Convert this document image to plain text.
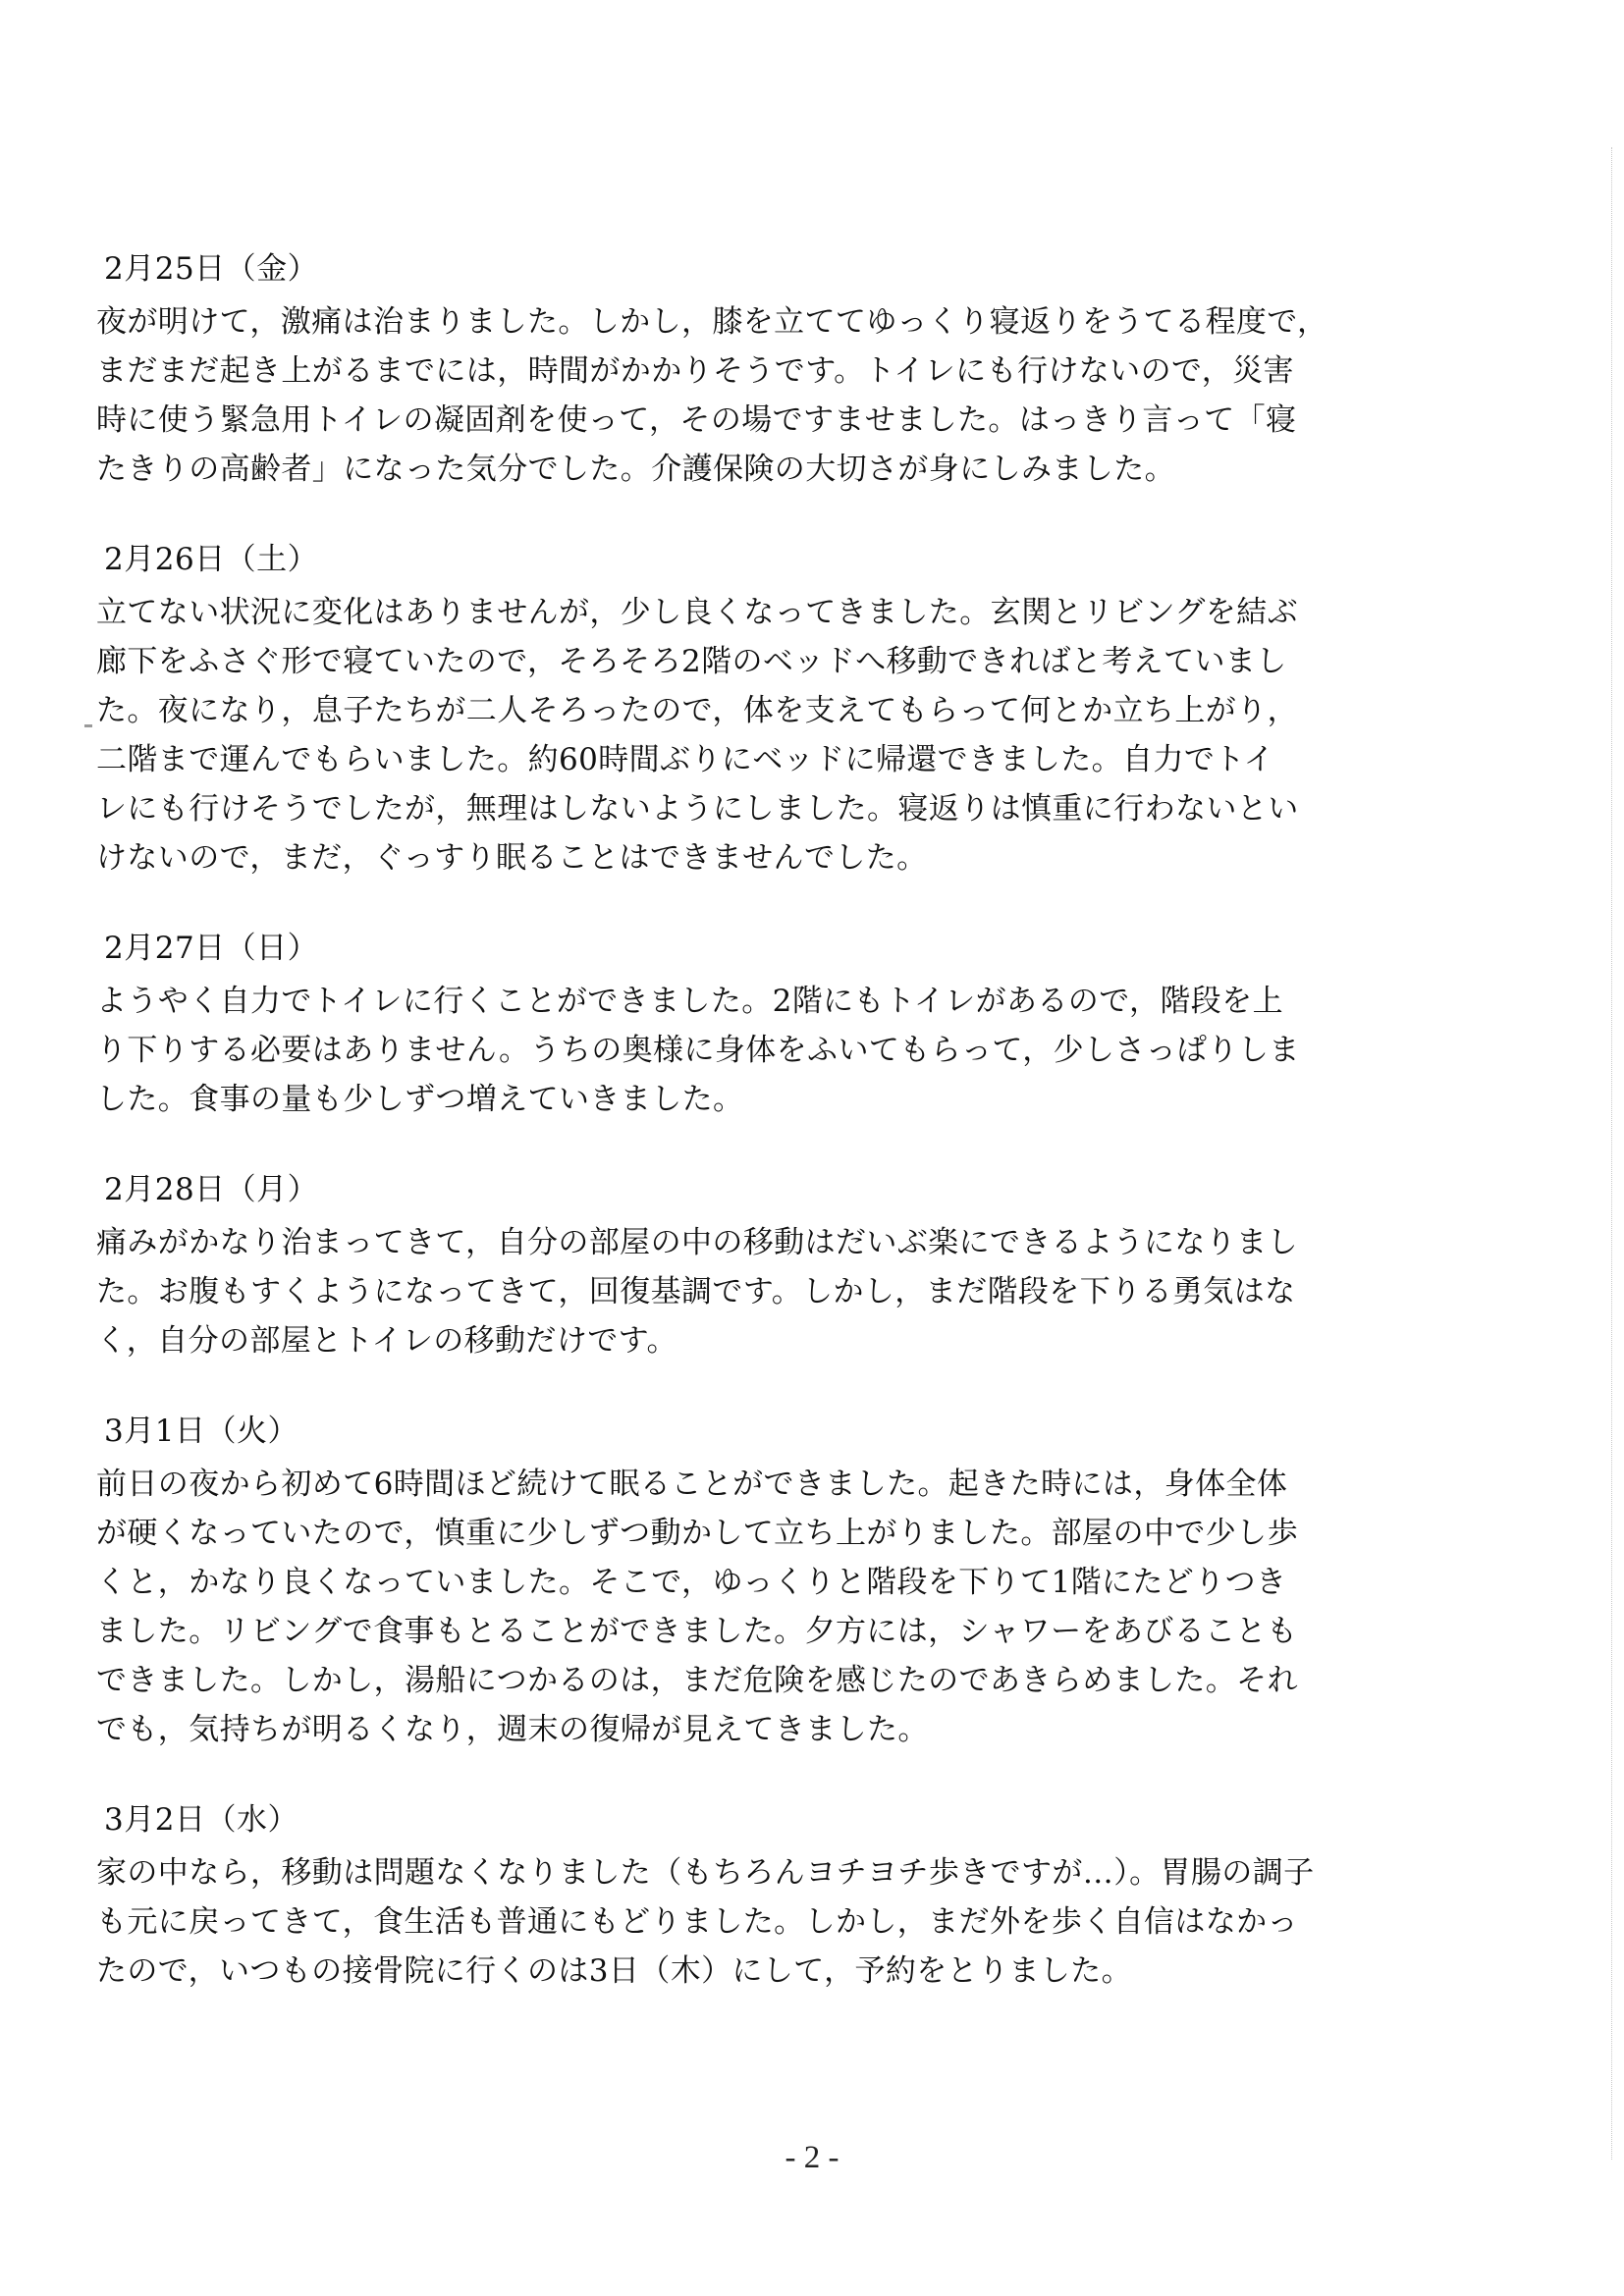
2月25日（金）
夜が明けて，激痛は治まりました。しかし，膝を立ててゆっくり寝返りをうてる程度で，
まだまだ起き上がるまでには，時間がかかりそうです。トイレにも行けないので，災害
時に使う緊急用トイレの凝固剤を使って，その場ですませました。はっきり言って「寝
たきりの高齢者」になった気分でした。介護保険の大切さが身にしみました。
2月26日（土）
立てない状況に変化はありませんが，少し良くなってきました。玄関とリビングを結ぶ
廊下をふさぐ形で寝ていたので，そろそろ2階のベッドへ移動できればと考えていまし
た。夜になり，息子たちが二人そろったので，体を支えてもらって何とか立ち上がり，
二階まで運んでもらいました。約60時間ぶりにベッドに帰還できました。自力でトイ
レにも行けそうでしたが，無理はしないようにしました。寝返りは慎重に行わないとい
けないので，まだ，ぐっすり眠ることはできませんでした。
2月27日（日）
ようやく自力でトイレに行くことができました。2階にもトイレがあるので，階段を上
り下りする必要はありません。うちの奥様に身体をふいてもらって，少しさっぱりしま
した。食事の量も少しずつ増えていきました。
2月28日（月）
痛みがかなり治まってきて，自分の部屋の中の移動はだいぶ楽にできるようになりまし
た。お腹もすくようになってきて，回復基調です。しかし，まだ階段を下りる勇気はな
く，自分の部屋とトイレの移動だけです。
3月1日（火）
前日の夜から初めて6時間ほど続けて眠ることができました。起きた時には，身体全体
が硬くなっていたので，慎重に少しずつ動かして立ち上がりました。部屋の中で少し歩
くと，かなり良くなっていました。そこで，ゆっくりと階段を下りて1階にたどりつき
ました。リビングで食事もとることができました。夕方には，シャワーをあびることも
できました。しかし，湯船につかるのは，まだ危険を感じたのであきらめました。それ
でも，気持ちが明るくなり，週末の復帰が見えてきました。
3月2日（水）
家の中なら，移動は問題なくなりました（もちろんヨチヨチ歩きですが…）。胃腸の調子
も元に戻ってきて，食生活も普通にもどりました。しかし，まだ外を歩く自信はなかっ
たので，いつもの接骨院に行くのは3日（木）にして，予約をとりました。
- 2 -
